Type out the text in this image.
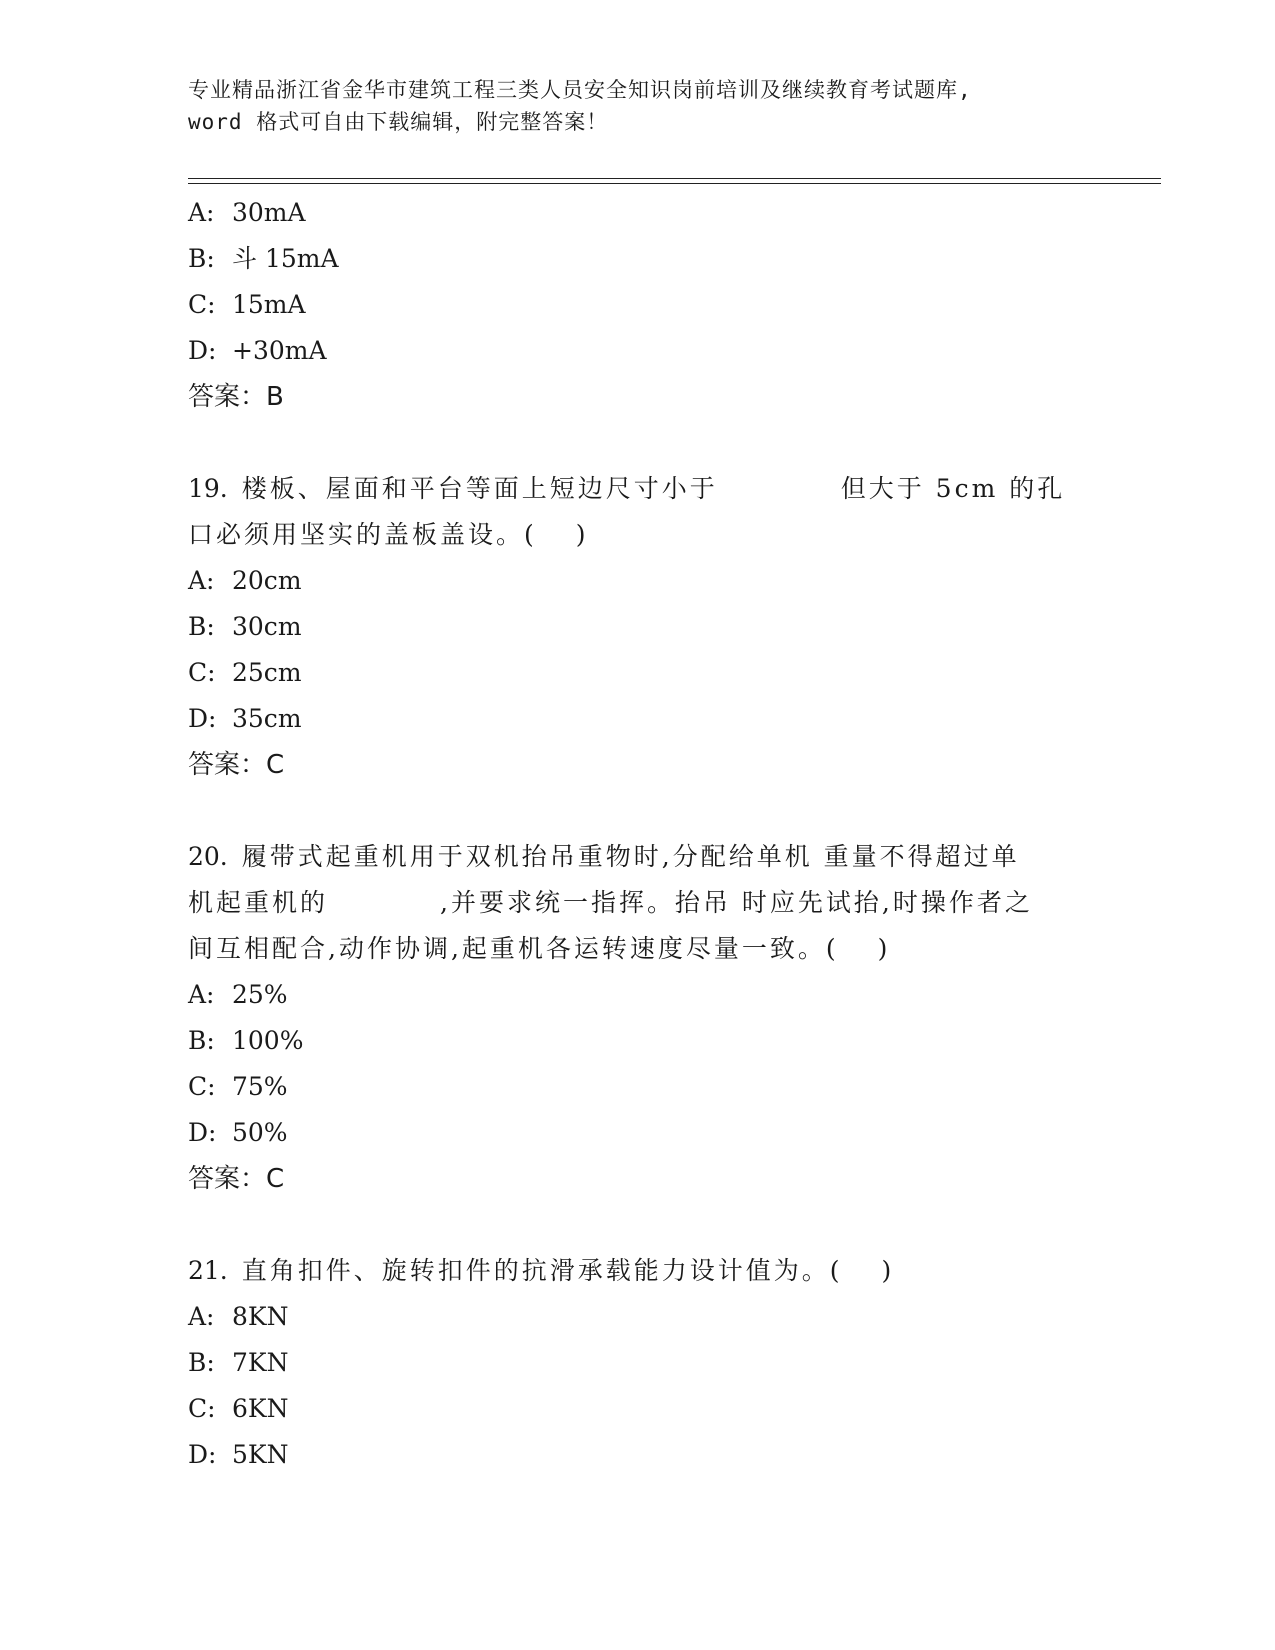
专业精品浙江省金华市建筑工程三类人员安全知识岗前培训及继续教育考试题库,
word 格式可自由下载编辑，附完整答案！
A: 30mA
B: 斗 15mA
C: 15mA
D: +30mA
答案：B
19. 楼板、屋面和平台等面上短边尺寸小于　　　　 但大于 5cm 的孔
口必须用坚实的盖板盖设。(　 )
A: 20cm
B: 30cm
C: 25cm
D: 35cm
答案：C
20. 履带式起重机用于双机抬吊重物时,分配给单机 重量不得超过单
机起重机的　　　　,并要求统一指挥。抬吊 时应先试抬,时操作者之
间互相配合,动作协调,起重机各运转速度尽量一致。(　 )
A: 25%
B: 100%
C: 75%
D: 50%
答案：C
21. 直角扣件、旋转扣件的抗滑承载能力设计值为。(　 )
A: 8KN
B: 7KN
C: 6KN
D: 5KN
